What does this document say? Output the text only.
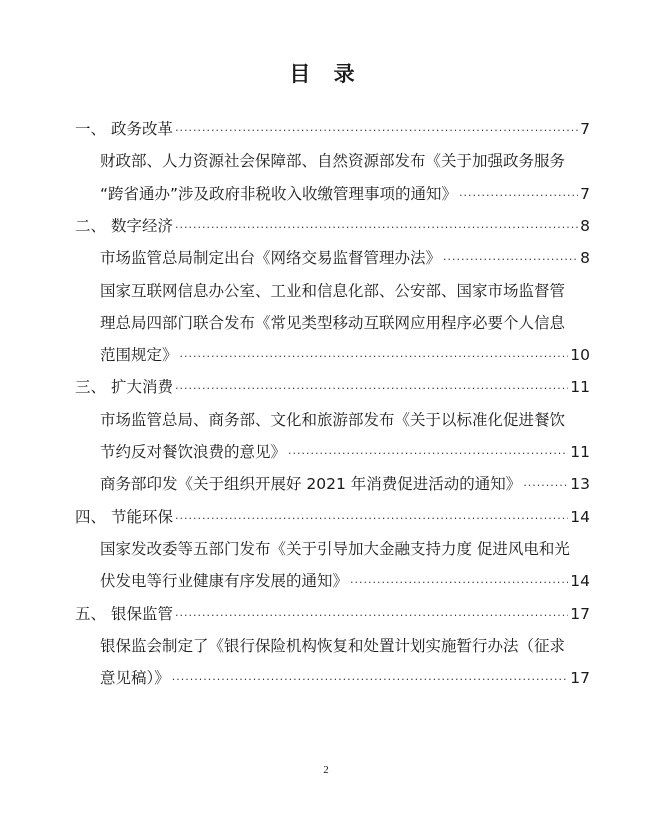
目 录
一、 政务改革 ·····	7
财政部、人力资源社会保障部、自然资源部发布《关于加强政务服务
“跨省通办”涉及政府非税收入收缴管理事项的通知》 ·····	7
二、 数字经济 ·····	8
市场监管总局制定出台《网络交易监督管理办法》 ·····	8
国家互联网信息办公室、工业和信息化部、公安部、国家市场监督管
理总局四部门联合发布《常见类型移动互联网应用程序必要个人信息
范围规定》 ·····	10
三、 扩大消费 ·····	11
市场监管总局、商务部、文化和旅游部发布《关于以标准化促进餐饮
节约反对餐饮浪费的意见》 ·····	11
商务部印发《关于组织开展好 2021 年消费促进活动的通知》 ·····	13
四、 节能环保 ·····	14
国家发改委等五部门发布《关于引导加大金融支持力度 促进风电和光
伏发电等行业健康有序发展的通知》 ·····	14
五、 银保监管 ·····	17
银保监会制定了《银行保险机构恢复和处置计划实施暂行办法（征求
意见稿）》 ·····	17
2
